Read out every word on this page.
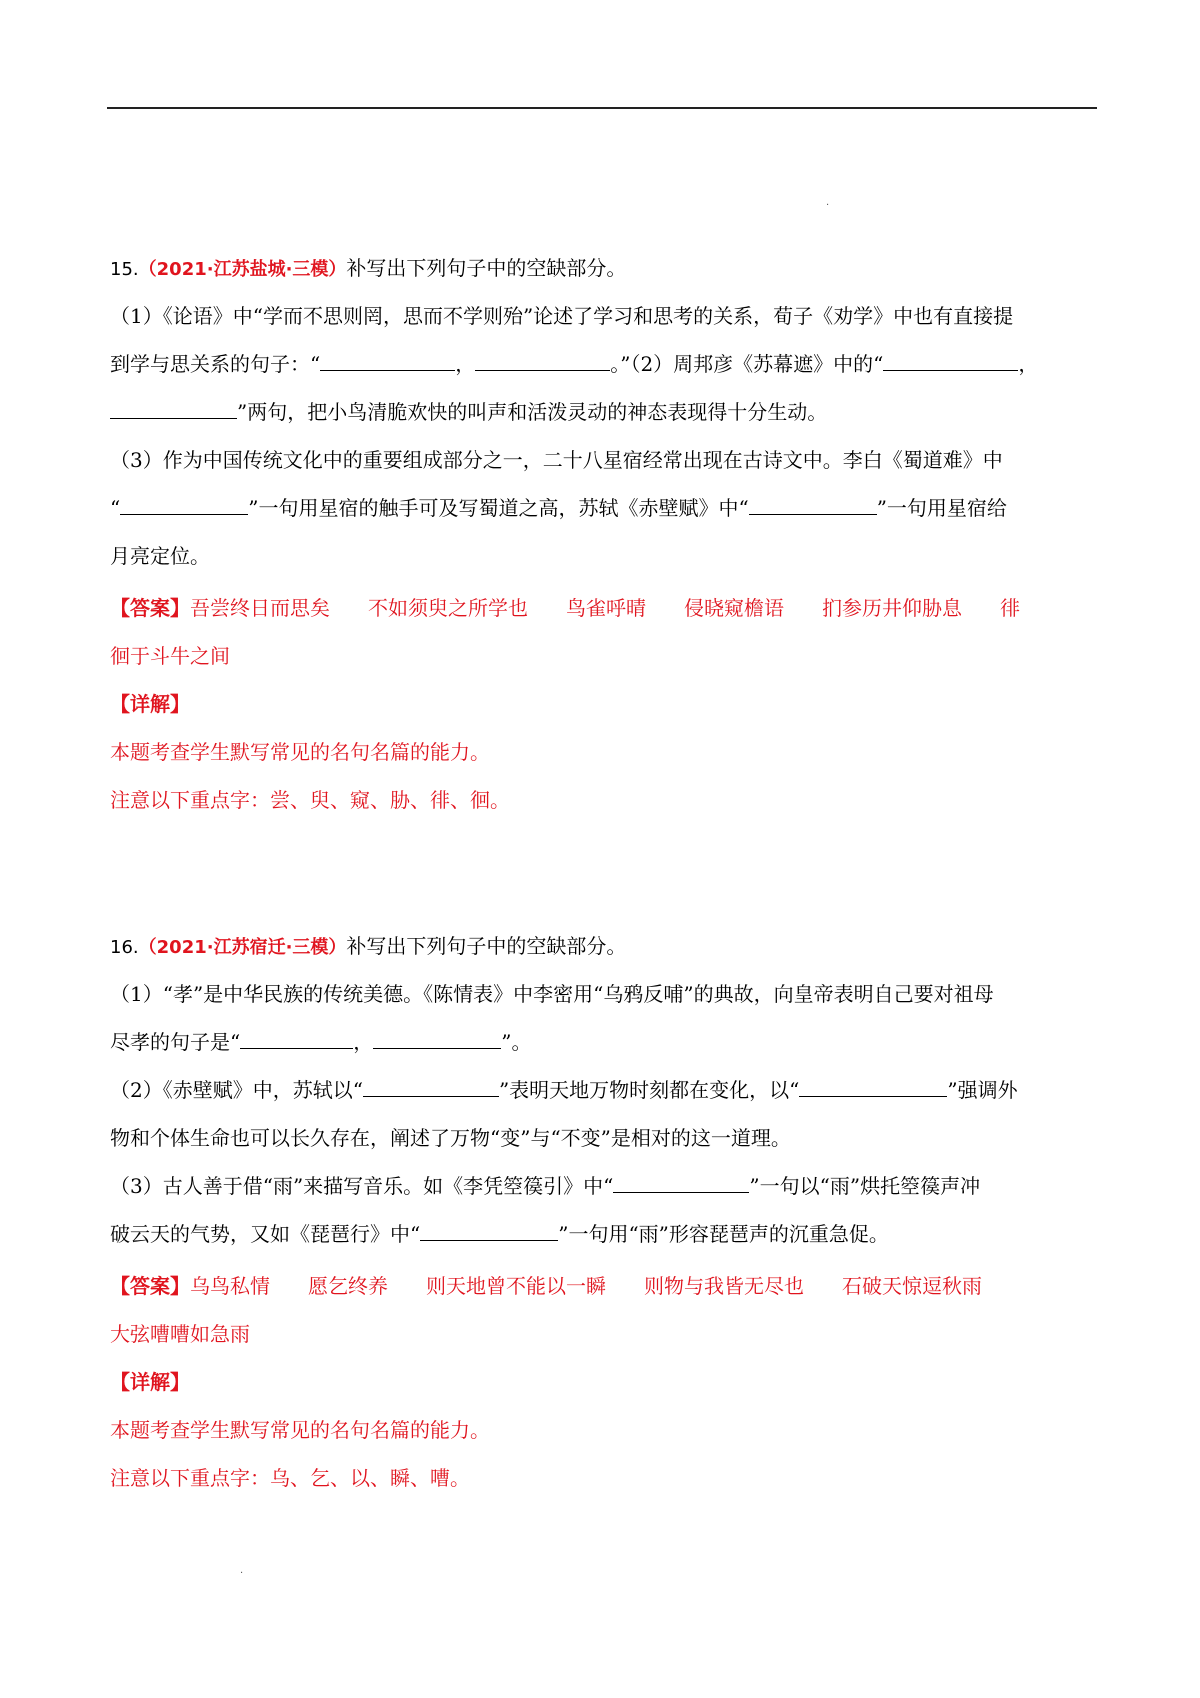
·
15.（2021·江苏盐城·三模）补写出下列句子中的空缺部分。
（1）《论语》中“学而不思则罔，思而不学则殆”论述了学习和思考的关系，荀子《劝学》中也有直接提
到学与思关系的句子：“	，	。”（2）周邦彦《苏幕遮》中的“	，
”两句，把小鸟清脆欢快的叫声和活泼灵动的神态表现得十分生动。
（3）作为中国传统文化中的重要组成部分之一，二十八星宿经常出现在古诗文中。李白《蜀道难》中
“	”一句用星宿的触手可及写蜀道之高，苏轼《赤壁赋》中“	”一句用星宿给
月亮定位。
【答案】吾尝终日而思矣 不如须臾之所学也 鸟雀呼晴 侵晓窥檐语 扪参历井仰胁息 徘
徊于斗牛之间
【详解】
本题考查学生默写常见的名句名篇的能力。
注意以下重点字：尝、臾、窥、胁、徘、徊。
16.（2021·江苏宿迁·三模）补写出下列句子中的空缺部分。
（1）“孝”是中华民族的传统美德。《陈情表》中李密用“乌鸦反哺”的典故，向皇帝表明自己要对祖母
尽孝的句子是“	，	”。
（2）《赤壁赋》中，苏轼以“	”表明天地万物时刻都在变化，以“	”强调外
物和个体生命也可以长久存在，阐述了万物“变”与“不变”是相对的这一道理。
（3）古人善于借“雨”来描写音乐。如《李凭箜篌引》中“	”一句以“雨”烘托箜篌声冲
破云天的气势，又如《琵琶行》中“	”一句用“雨”形容琵琶声的沉重急促。
【答案】乌鸟私情 愿乞终养 则天地曾不能以一瞬 则物与我皆无尽也 石破天惊逗秋雨
大弦嘈嘈如急雨
【详解】
本题考查学生默写常见的名句名篇的能力。
注意以下重点字：乌、乞、以、瞬、嘈。
·
